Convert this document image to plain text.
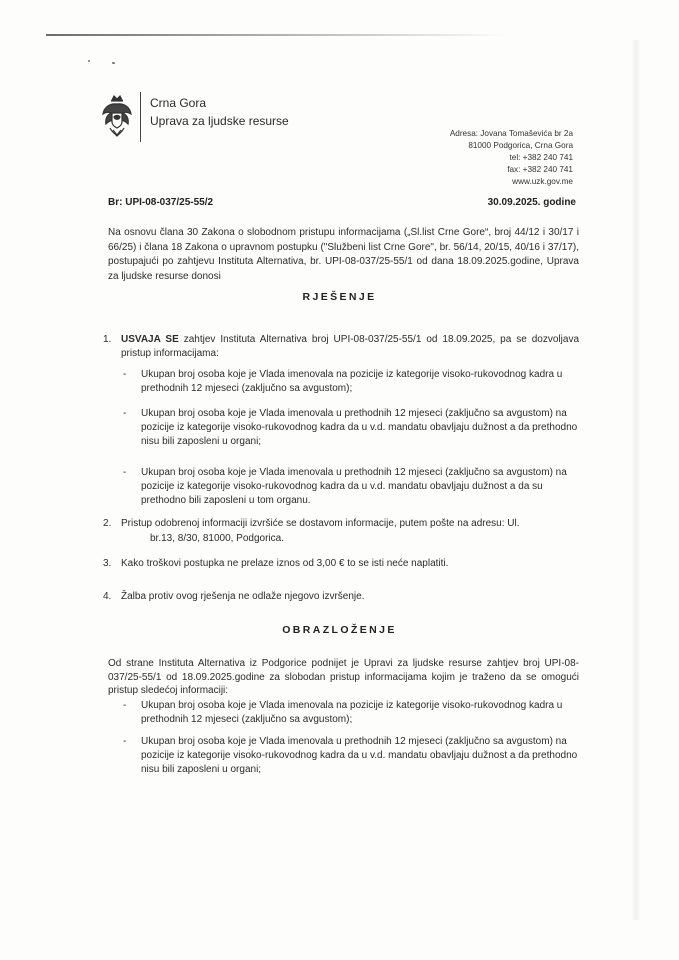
Crna Gora
Uprava za ljudske resurse
Adresa: Jovana Tomaševića br 2a
81000 Podgorica, Crna Gora
tel: +382 240 741
fax: +382 240 741
www.uzk.gov.me
Br: UPI-08-037/25-55/2	30.09.2025. godine
Na osnovu člana 30 Zakona o slobodnom pristupu informacijama („Sl.list Crne Gore“, broj 44/12 i 30/17 i 66/25) i člana 18 Zakona o upravnom postupku ("Službeni list Crne Gore", br. 56/14, 20/15, 40/16 i 37/17), postupajući po zahtjevu Instituta Alternativa, br. UPI-08-037/25-55/1 od dana 18.09.2025.godine, Uprava za ljudske resurse donosi
RJEŠENJE
1. USVAJA SE zahtjev Instituta Alternativa broj UPI-08-037/25-55/1 od 18.09.2025, pa se dozvoljava pristup informacijama:
- Ukupan broj osoba koje je Vlada imenovala na pozicije iz kategorije visoko-rukovodnog kadra u prethodnih 12 mjeseci (zaključno sa avgustom);
- Ukupan broj osoba koje je Vlada imenovala u prethodnih 12 mjeseci (zaključno sa avgustom) na pozicije iz kategorije visoko-rukovodnog kadra da u v.d. mandatu obavljaju dužnost a da prethodno nisu bili zaposleni u organi;
- Ukupan broj osoba koje je Vlada imenovala u prethodnih 12 mjeseci (zaključno sa avgustom) na pozicije iz kategorije visoko-rukovodnog kadra da u v.d. mandatu obavljaju dužnost a da su prethodno bili zaposleni u tom organu.
2. Pristup odobrenoj informaciji izvršiće se dostavom informacije, putem pošte na adresu: Ul.
br.13, 8/30, 81000, Podgorica.
3. Kako troškovi postupka ne prelaze iznos od 3,00 € to se isti neće naplatiti.
4. Žalba protiv ovog rješenja ne odlaže njegovo izvršenje.
OBRAZLOŽENJE
Od strane Instituta Alternativa iz Podgorice podnijet je Upravi za ljudske resurse zahtjev broj UPI-08-037/25-55/1 od 18.09.2025.godine za slobodan pristup informacijama kojim je traženo da se omogući pristup sledećoj informaciji:
- Ukupan broj osoba koje je Vlada imenovala na pozicije iz kategorije visoko-rukovodnog kadra u prethodnih 12 mjeseci (zaključno sa avgustom);
- Ukupan broj osoba koje je Vlada imenovala u prethodnih 12 mjeseci (zaključno sa avgustom) na pozicije iz kategorije visoko-rukovodnog kadra da u v.d. mandatu obavljaju dužnost a da prethodno nisu bili zaposleni u organi;
